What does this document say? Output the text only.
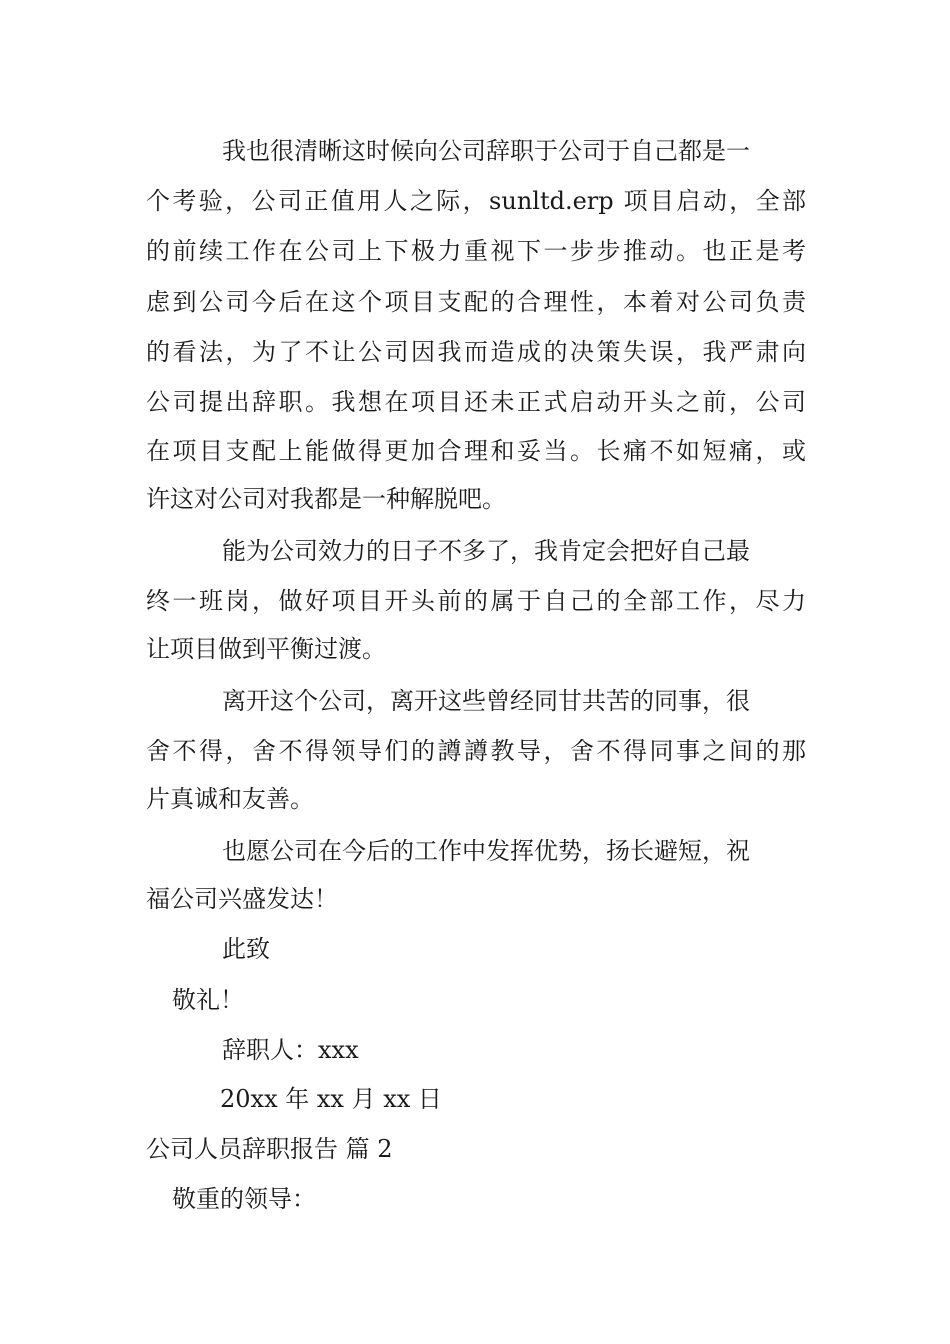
我也很清晰这时候向公司辞职于公司于自己都是一
个考验，公司正值用人之际，sunltd.erp 项目启动，全部
的前续工作在公司上下极力重视下一步步推动。也正是考
虑到公司今后在这个项目支配的合理性，本着对公司负责
的看法，为了不让公司因我而造成的决策失误，我严肃向
公司提出辞职。我想在项目还未正式启动开头之前，公司
在项目支配上能做得更加合理和妥当。长痛不如短痛，或
许这对公司对我都是一种解脱吧。
能为公司效力的日子不多了，我肯定会把好自己最
终一班岗，做好项目开头前的属于自己的全部工作，尽力
让项目做到平衡过渡。
离开这个公司，离开这些曾经同甘共苦的同事，很
舍不得，舍不得领导们的譐譐教导，舍不得同事之间的那
片真诚和友善。
也愿公司在今后的工作中发挥优势，扬长避短，祝
福公司兴盛发达！
此致
敬礼！
辞职人：xxx
20xx 年 xx 月 xx 日
公司人员辞职报告 篇 2
敬重的领导：
